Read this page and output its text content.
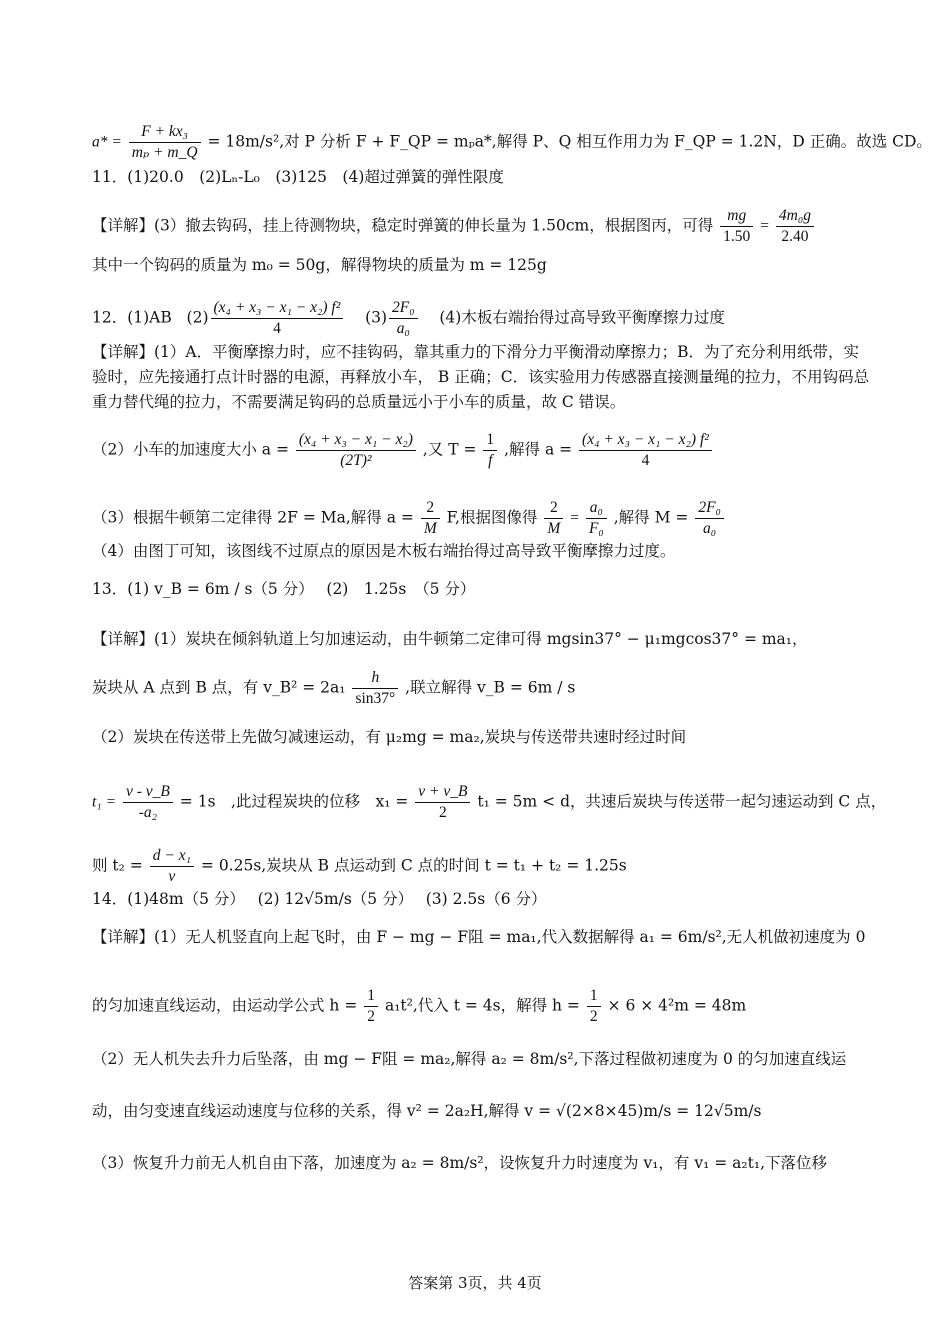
$a* = \frac{\text{F + kx₃}}{\text{mₚ + m\_Q}} = 18m/s^2$,对 P 分析 F + F_QP = mₚa*,解得 P、Q 相互作用力为 F_QP = 1.2N，D 正确。故选 CD。
11．(1)20.0　(2)Lₙ-L₀　(3)125　(4)超过弹簧的弹性限度
【详解】(3）撤去钩码，挂上待测物块，稳定时弹簧的伸长量为 1.50cm，根据图丙，可得 $\frac{mg}{1.50} = \frac{\text{4m₀g}}{2.40}$
其中一个钩码的质量为 m₀ = 50g，解得物块的质量为 m = 125g
12．(1)AB   $(2) \frac{\text{(x₄ + x₃ − x₁ − x₂) f²}}{4} (3) \frac{\text{2F₀}}{\text{a₀}} (4)$木板右端抬得过高导致平衡摩擦力过度
【详解】(1）A．平衡摩擦力时，应不挂钩码，靠其重力的下滑分力平衡滑动摩擦力；B．为了充分利用纸带，实验时，应先接通打点计时器的电源，再释放小车， B 正确；C．该实验用力传感器直接测量绳的拉力，不用钩码总重力替代绳的拉力，不需要满足钩码的总质量远小于小车的质量，故 C 错误。
（2）小车的加速度大小 $a = \frac{\text{(x₄ + x₃ − x₁ − x₂)}}{\text{(2T)²}}$ ,又 $T = \frac{1}{f}$ ,解得 $a = \frac{\text{(x₄ + x₃ − x₁ − x₂) f²}}{4}$
（3）根据牛顿第二定律得 2F = Ma,解得 $a = \frac{2}{M} F$,根据图像得 $\frac{2}{M} = \frac{\text{a₀}}{\text{F₀}}$ ,解得 $M = \frac{\text{2F₀}}{\text{a₀}}$
（4）由图丁可知，该图线不过原点的原因是木板右端抬得过高导致平衡摩擦力过度。
13．(1) v_B = 6m / s（5 分）　 (2)　1.25s　（5 分）
【详解】(1）炭块在倾斜轨道上匀加速运动，由牛顿第二定律可得 mgsin37° − μ₁mgcos37° = ma₁，
炭块从 A 点到 B 点，有 v_B² = $2a_1 \frac{h}{\sin 37^\circ}$ ,联立解得 v_B = 6m / s
（2）炭块在传送带上先做匀减速运动，有 μ₂mg = ma₂,炭块与传送带共速时经过时间
$t_1 = \frac{v - v\_B}{\text{-a₂}} = 1s$　,此过程炭块的位移　$x_1 = \frac{v + v\_B}{2} t_1 = 5m < d$，共速后炭块与传送带一起匀速运动到 C 点，
则 $t_2 = \frac{\text{d − x₁}}{v} = 0.25s$,炭块从 B 点运动到 C 点的时间 t = t₁ + t₂ = 1.25s
14．(1)48m（5 分）　 (2) 12√5m/s（5 分）　 (3) 2.5s（6 分）
【详解】(1）无人机竖直向上起飞时，由 F − mg − F阻 = ma₁,代入数据解得 a₁ = 6m/s²,无人机做初速度为 0
的匀加速直线运动，由运动学公式 $h = \frac{1}{2} a_1t^2$,代入 t = 4s，解得 $h = \frac{1}{2} \times 6 \times 4^2m = 48m$
（2）无人机失去升力后坠落，由 mg − F阻 = ma₂,解得 a₂ = 8m/s²,下落过程做初速度为 0 的匀加速直线运
动，由匀变速直线运动速度与位移的关系，得 v² = 2a₂H,解得 v = √(2×8×45)m/s = 12√5m/s
（3）恢复升力前无人机自由下落，加速度为 a₂ = 8m/s²，设恢复升力时速度为 v₁，有 v₁ = a₂t₁,下落位移
答案第 3页，共 4页
